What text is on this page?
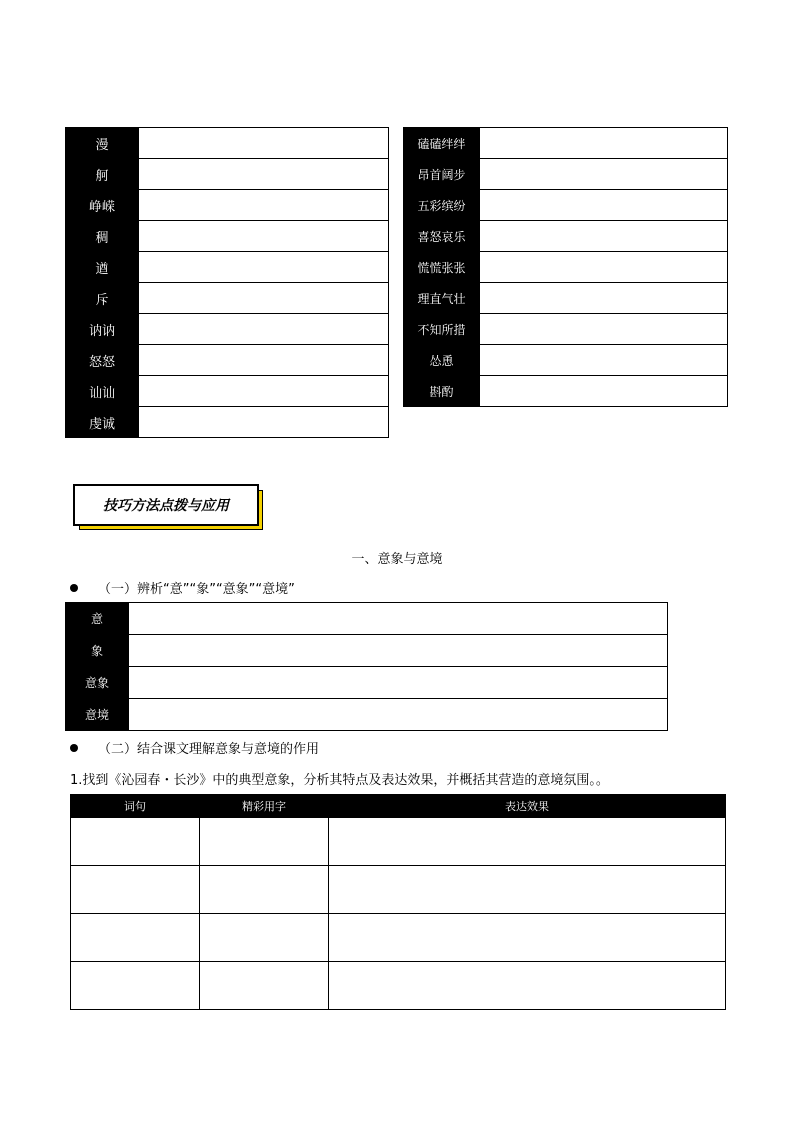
漫	
舸	
峥嵘	
稠	
遒	
斥	
讷讷	
怒怒	
讪讪	
虔诚	
磕磕绊绊	
昂首阔步	
五彩缤纷	
喜怒哀乐	
慌慌张张	
理直气壮	
不知所措	
怂恿	
斟酌	
技巧方法点拨与应用
一、意象与意境
（一）辨析“意”“象”“意象”“意境”
意	
象	
意象	
意境	
（二）结合课文理解意象与意境的作用
1.找到《沁园春・长沙》中的典型意象，分析其特点及表达效果，并概括其营造的意境氛围。。
词句	精彩用字	表达效果
